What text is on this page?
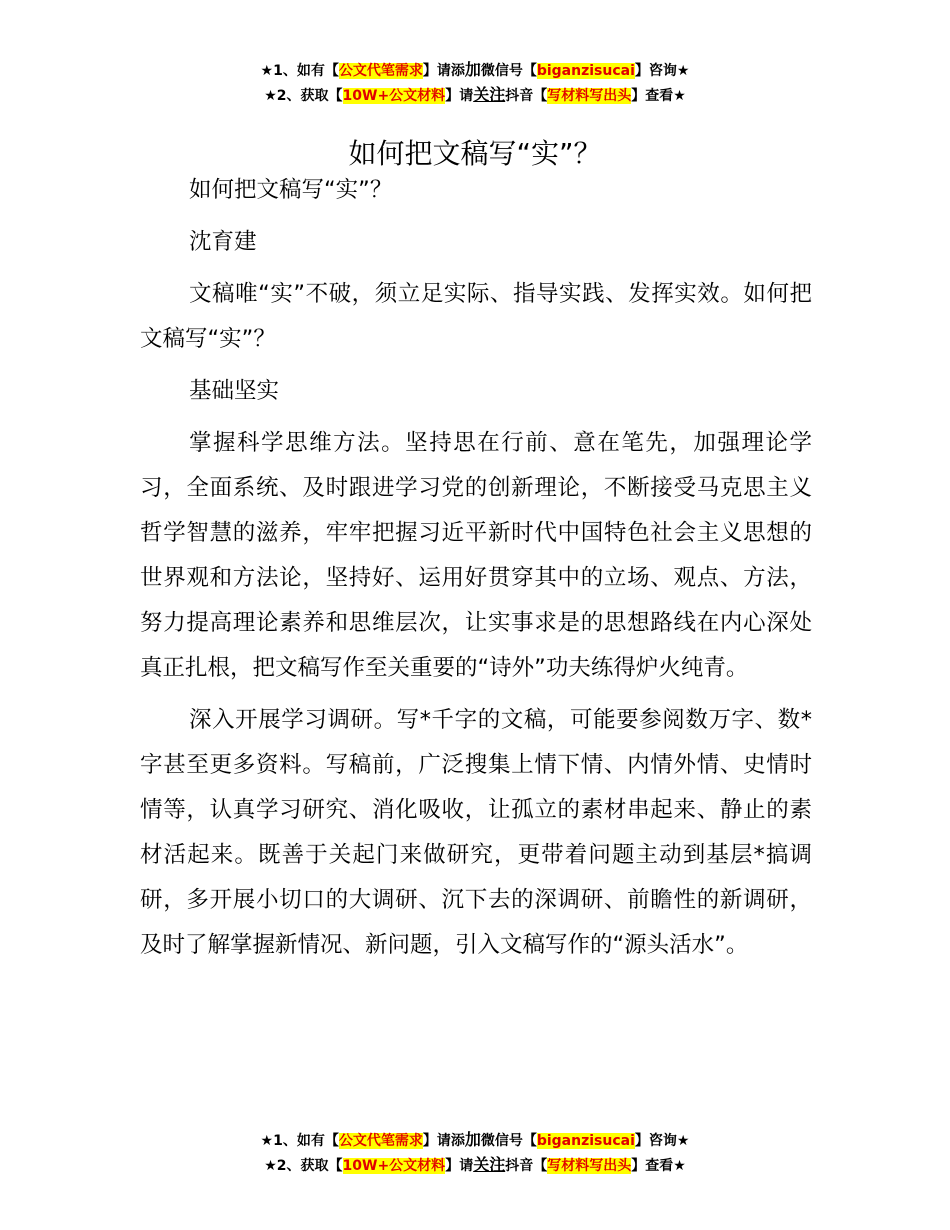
★1、如有【公文代笔需求】请添加微信号【biganzisucai】咨询★
★2、获取【10W+公文材料】请关注抖音【写材料写出头】查看★
如何把文稿写“实”？

如何把文稿写“实”？

沈育建

文稿唯“实”不破，须立足实际、指导实践、发挥实效。如何把文稿写“实”？

基础坚实

掌握科学思维方法。坚持思在行前、意在笔先，加强理论学习，全面系统、及时跟进学习党的创新理论，不断接受马克思主义哲学智慧的滋养，牢牢把握习近平新时代中国特色社会主义思想的世界观和方法论，坚持好、运用好贯穿其中的立场、观点、方法，努力提高理论素养和思维层次，让实事求是的思想路线在内心深处真正扎根，把文稿写作至关重要的“诗外”功夫练得炉火纯青。

深入开展学习调研。写*千字的文稿，可能要参阅数万字、数*字甚至更多资料。写稿前，广泛搜集上情下情、内情外情、史情时情等，认真学习研究、消化吸收，让孤立的素材串起来、静止的素材活起来。既善于关起门来做研究，更带着问题主动到基层*搞调研，多开展小切口的大调研、沉下去的深调研、前瞻性的新调研，及时了解掌握新情况、新问题，引入文稿写作的“源头活水”。

★1、如有【公文代笔需求】请添加微信号【biganzisucai】咨询★
★2、获取【10W+公文材料】请关注抖音【写材料写出头】查看★
